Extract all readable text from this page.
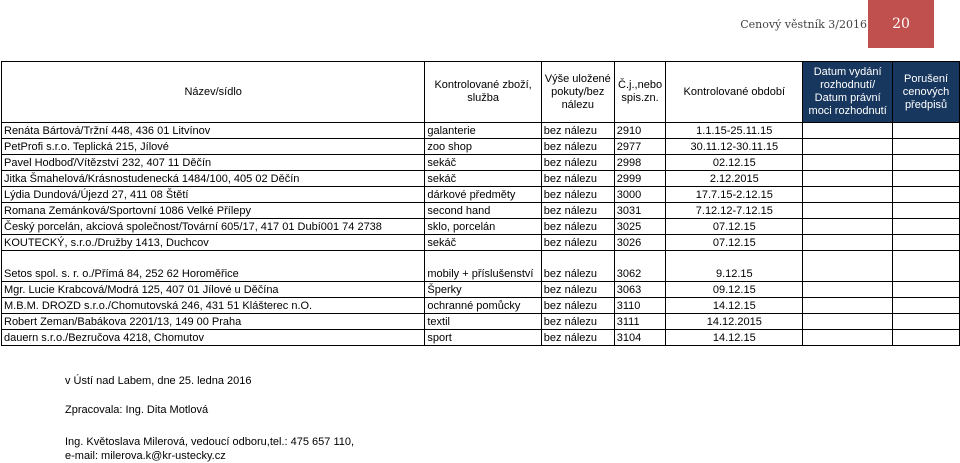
Cenový věstník 3/2016	20
Název/sídlo	Kontrolované zboží, služba	Výše uložené pokuty/bez nálezu	Č.j.,nebo spis.zn.	Kontrolované období	Datum vydání rozhodnutí/ Datum právní moci rozhodnutí	Porušení cenových předpisů
Renáta Bártová/Tržní 448, 436 01 Litvínov	galanterie	bez nálezu	2910	1.1.15-25.11.15		
PetProfi s.r.o. Teplická 215, Jílové	zoo shop	bez nálezu	2977	30.11.12-30.11.15		
Pavel Hodboď/Vítězství 232, 407 11 Děčín	sekáč	bez nálezu	2998	02.12.15		
Jitka Šmahelová/Krásnostudenecká 1484/100, 405 02 Děčín	sekáč	bez nálezu	2999	2.12.2015		
Lýdia Dundová/Újezd 27, 411 08 Štětí	dárkové předměty	bez nálezu	3000	17.7.15-2.12.15		
Romana Zemánková/Sportovní 1086 Velké Přílepy	second hand	bez nálezu	3031	7.12.12-7.12.15		
Český porcelán, akciová společnost/Tovární 605/17, 417 01 Dubí001 74 2738	sklo, porcelán	bez nálezu	3025	07.12.15		
KOUTECKÝ, s.r.o./Družby 1413, Duchcov	sekáč	bez nálezu	3026	07.12.15		
Setos spol. s. r. o./Přímá 84, 252 62 Horoměřice	mobily + příslušenství	bez nálezu	3062	9.12.15		
Mgr. Lucie Krabcová/Modrá 125, 407 01 Jílové u Děčína	Šperky	bez nálezu	3063	09.12.15		
M.B.M. DROZD s.r.o./Chomutovská 246, 431 51 Klášterec n.O.	ochranné pomůcky	bez nálezu	3110	14.12.15		
Robert Zeman/Babákova 2201/13, 149 00 Praha	textil	bez nálezu	3111	14.12.2015		
dauern s.r.o./Bezručova 4218, Chomutov	sport	bez nálezu	3104	14.12.15		
v Ústí nad Labem, dne 25. ledna 2016
Zpracovala: Ing. Dita Motlová
Ing. Květoslava Milerová, vedoucí odboru,tel.: 475 657 110,
e-mail: milerova.k@kr-ustecky.cz
